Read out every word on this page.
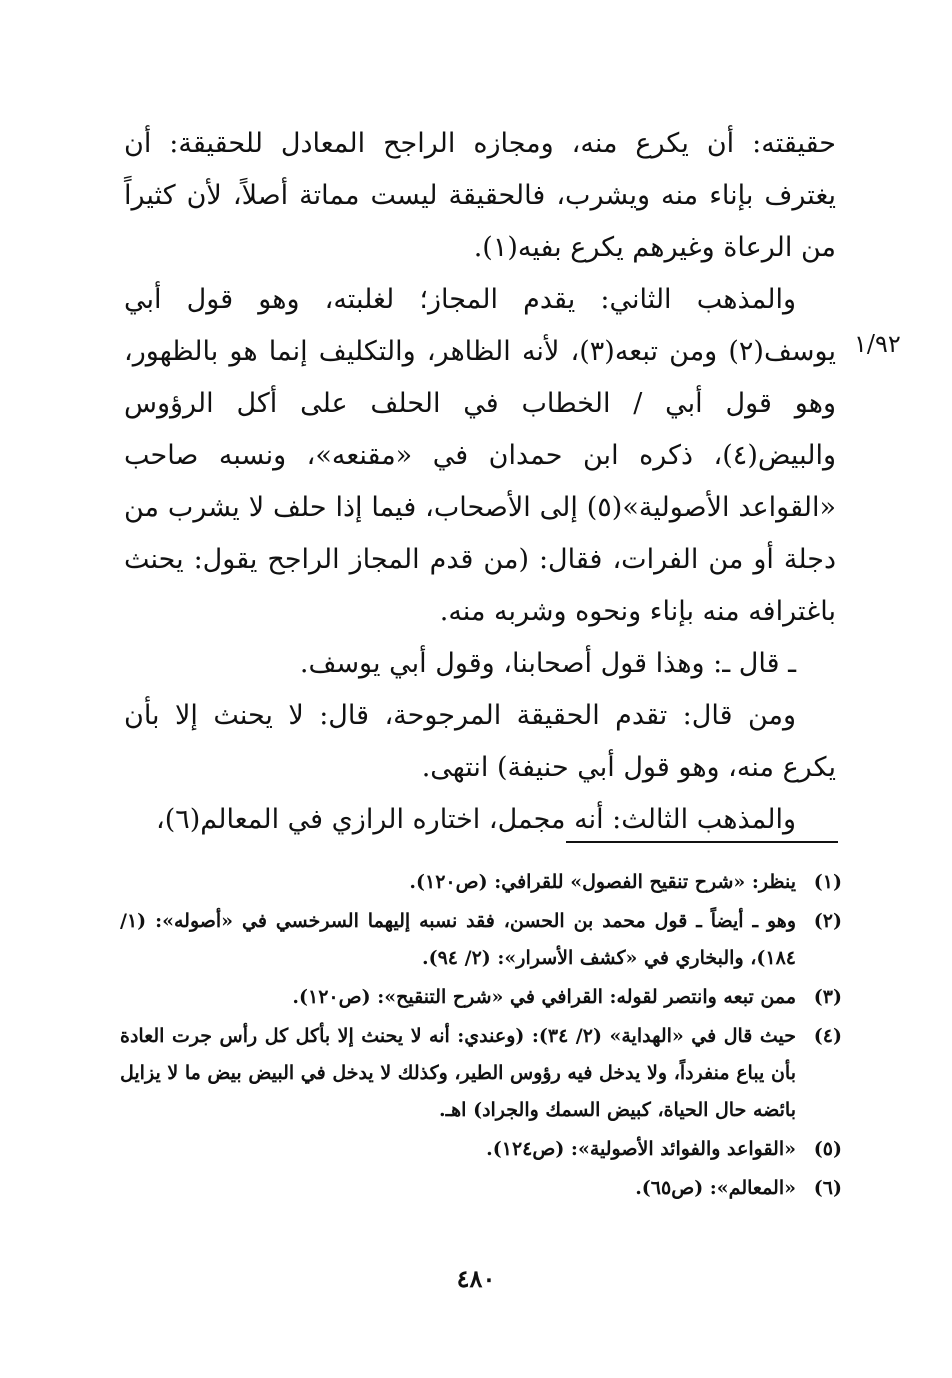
حقيقته: أن يكرع منه، ومجازه الراجح المعادل للحقيقة: أن يغترف بإناء منه ويشرب، فالحقيقة ليست مماتة أصلاً، لأن كثيراً من الرعاة وغيرهم يكرع بفيه(١).

والمذهب الثاني: يقدم المجاز؛ لغلبته، وهو قول أبي يوسف(٢) ومن تبعه(٣)، لأنه الظاهر، والتكليف إنما هو بالظهور، وهو قول أبي / الخطاب في الحلف على أكل الرؤوس والبيض(٤)، ذكره ابن حمدان في «مقنعه»، ونسبه صاحب «القواعد الأصولية»(٥) إلى الأصحاب، فيما إذا حلف لا يشرب من دجلة أو من الفرات، فقال: (من قدم المجاز الراجح يقول: يحنث باغترافه منه بإناء ونحوه وشربه منه.

ـ قال ـ: وهذا قول أصحابنا، وقول أبي يوسف.

ومن قال: تقدم الحقيقة المرجوحة، قال: لا يحنث إلا بأن يكرع منه، وهو قول أبي حنيفة) انتهى.

والمذهب الثالث: أنه مجمل، اختاره الرازي في المعالم(٦)،

١/٩٢
(١)
ينظر: «شرح تنقيح الفصول» للقرافي: (ص١٢٠).
(٢)
وهو ـ أيضاً ـ قول محمد بن الحسن، فقد نسبه إليهما السرخسي في «أصوله»: (١/ ١٨٤)، والبخاري في «كشف الأسرار»: (٢/ ٩٤).
(٣)
ممن تبعه وانتصر لقوله: القرافي في «شرح التنقيح»: (ص١٢٠).
(٤)
حيث قال في «الهداية» (٢/ ٣٤): (وعندي: أنه لا يحنث إلا بأكل كل رأس جرت العادة بأن يباع منفرداً، ولا يدخل فيه رؤوس الطير، وكذلك لا يدخل في البيض بيض ما لا يزايل بائضه حال الحياة، كبيض السمك والجراد) اهـ.
(٥)
«القواعد والفوائد الأصولية»: (ص١٢٤).
(٦)
«المعالم»: (ص٦٥).
٤٨٠
